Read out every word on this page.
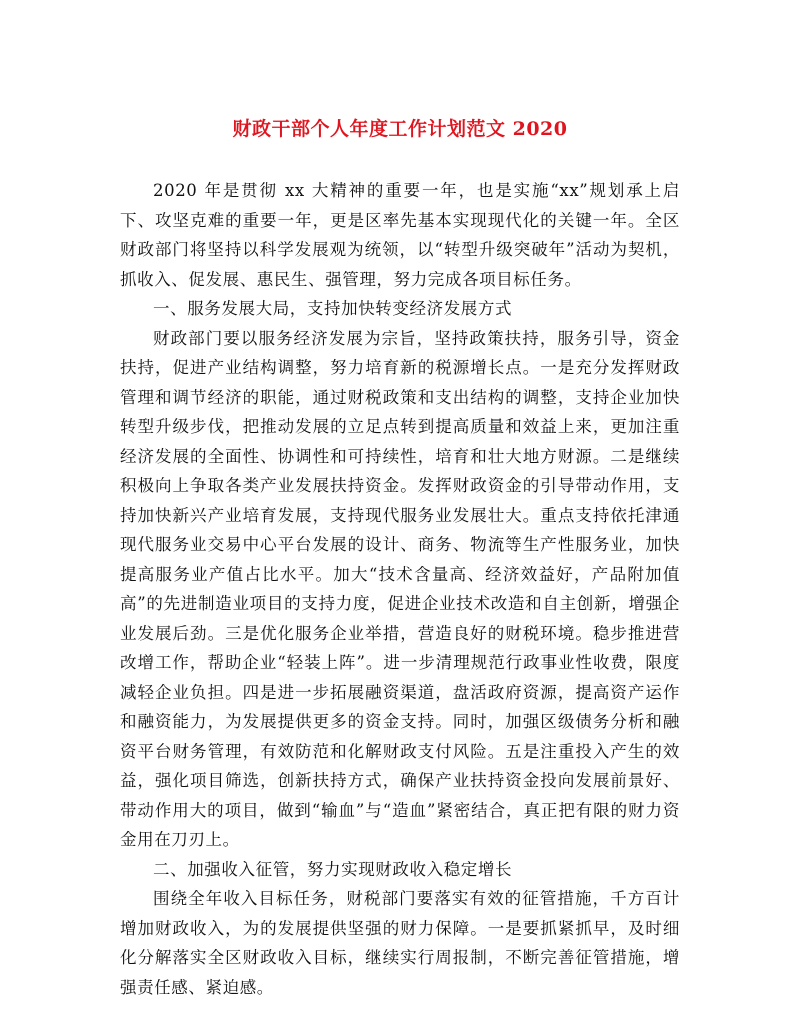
财政干部个人年度工作计划范文 2020

2020 年是贯彻 xx 大精神的重要一年，也是实施“xx”规划承上启下、攻坚克难的重要一年，更是区率先基本实现现代化的关键一年。全区财政部门将坚持以科学发展观为统领，以“转型升级突破年”活动为契机，抓收入、促发展、惠民生、强管理，努力完成各项目标任务。

一、服务发展大局，支持加快转变经济发展方式

财政部门要以服务经济发展为宗旨，坚持政策扶持，服务引导，资金扶持，促进产业结构调整，努力培育新的税源增长点。一是充分发挥财政管理和调节经济的职能，通过财税政策和支出结构的调整，支持企业加快转型升级步伐，把推动发展的立足点转到提高质量和效益上来，更加注重经济发展的全面性、协调性和可持续性，培育和壮大地方财源。二是继续积极向上争取各类产业发展扶持资金。发挥财政资金的引导带动作用，支持加快新兴产业培育发展，支持现代服务业发展壮大。重点支持依托津通现代服务业交易中心平台发展的设计、商务、物流等生产性服务业，加快提高服务业产值占比水平。加大“技术含量高、经济效益好，产品附加值高”的先进制造业项目的支持力度，促进企业技术改造和自主创新，增强企业发展后劲。三是优化服务企业举措，营造良好的财税环境。稳步推进营改增工作，帮助企业“轻装上阵”。进一步清理规范行政事业性收费，限度减轻企业负担。四是进一步拓展融资渠道，盘活政府资源，提高资产运作和融资能力，为发展提供更多的资金支持。同时，加强区级债务分析和融资平台财务管理，有效防范和化解财政支付风险。五是注重投入产生的效益，强化项目筛选，创新扶持方式，确保产业扶持资金投向发展前景好、带动作用大的项目，做到“输血”与“造血”紧密结合，真正把有限的财力资金用在刀刃上。

二、加强收入征管，努力实现财政收入稳定增长

围绕全年收入目标任务，财税部门要落实有效的征管措施，千方百计增加财政收入，为的发展提供坚强的财力保障。一是要抓紧抓早，及时细化分解落实全区财政收入目标，继续实行周报制，不断完善征管措施，增强责任感、紧迫感。
